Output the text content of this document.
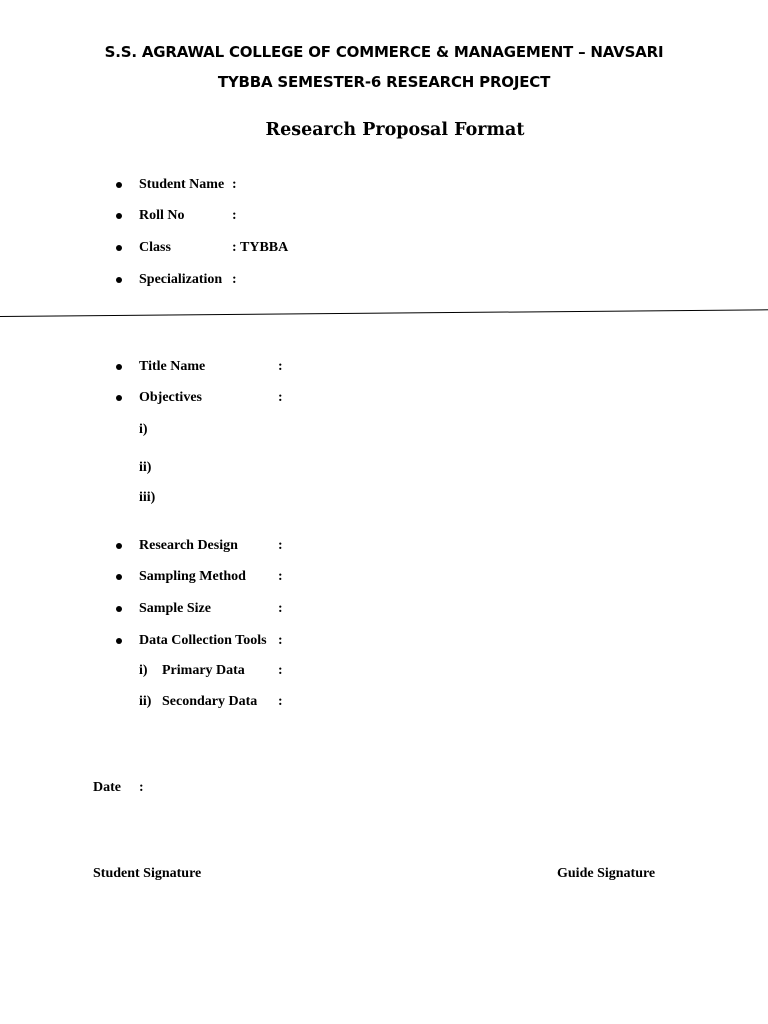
S.S. AGRAWAL COLLEGE OF COMMERCE & MANAGEMENT – NAVSARI
TYBBA SEMESTER-6 RESEARCH PROJECT
Research Proposal Format
Student Name :
Roll No	:
Class	: TYBBA
Specialization :
Title Name	:
Objectives	:
i)
ii)
iii)
Research Design	:
Sampling Method :
Sample Size	:
Data Collection Tools :
i) Primary Data :
ii) Secondary Data :
Date :
Student Signature	Guide Signature
